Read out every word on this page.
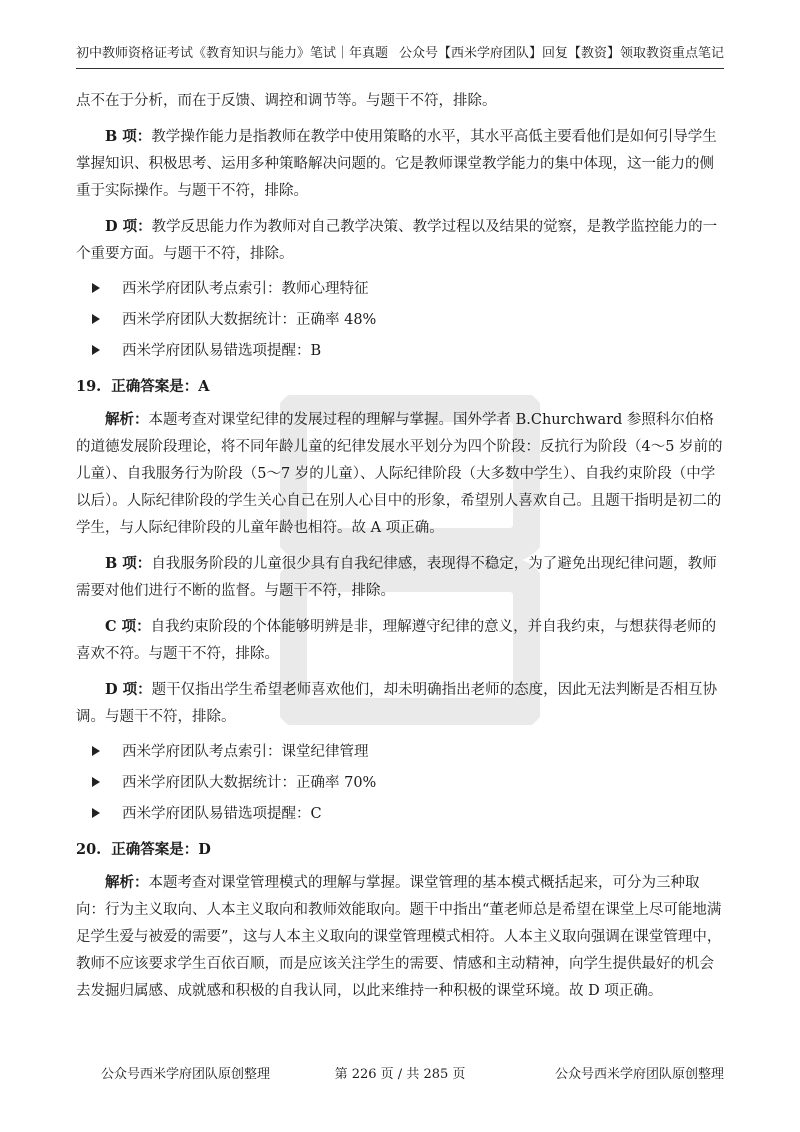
初中教师资格证考试《教育知识与能力》笔试｜年真题 公众号【西米学府团队】回复【教资】领取教资重点笔记

点不在于分析，而在于反馈、调控和调节等。与题干不符，排除。

B 项：教学操作能力是指教师在教学中使用策略的水平，其水平高低主要看他们是如何引导学生掌握知识、积极思考、运用多种策略解决问题的。它是教师课堂教学能力的集中体现，这一能力的侧重于实际操作。与题干不符，排除。

D 项：教学反思能力作为教师对自己教学决策、教学过程以及结果的觉察，是教学监控能力的一个重要方面。与题干不符，排除。

西米学府团队考点索引：教师心理特征
西米学府团队大数据统计：正确率 48%
西米学府团队易错选项提醒：B
19. 正确答案是：A

解析：本题考查对课堂纪律的发展过程的理解与掌握。国外学者 B.Churchward 参照科尔伯格的道德发展阶段理论，将不同年龄儿童的纪律发展水平划分为四个阶段：反抗行为阶段（4～5 岁前的儿童）、自我服务行为阶段（5～7 岁的儿童）、人际纪律阶段（大多数中学生）、自我约束阶段（中学以后）。人际纪律阶段的学生关心自己在别人心目中的形象，希望别人喜欢自己。且题干指明是初二的学生，与人际纪律阶段的儿童年龄也相符。故 A 项正确。

B 项：自我服务阶段的儿童很少具有自我纪律感，表现得不稳定，为了避免出现纪律问题，教师需要对他们进行不断的监督。与题干不符，排除。

C 项：自我约束阶段的个体能够明辨是非，理解遵守纪律的意义，并自我约束，与想获得老师的喜欢不符。与题干不符，排除。

D 项：题干仅指出学生希望老师喜欢他们，却未明确指出老师的态度，因此无法判断是否相互协调。与题干不符，排除。

西米学府团队考点索引：课堂纪律管理
西米学府团队大数据统计：正确率 70%
西米学府团队易错选项提醒：C
20. 正确答案是：D

解析：本题考查对课堂管理模式的理解与掌握。课堂管理的基本模式概括起来，可分为三种取向：行为主义取向、人本主义取向和教师效能取向。题干中指出“董老师总是希望在课堂上尽可能地满足学生爱与被爱的需要”，这与人本主义取向的课堂管理模式相符。人本主义取向强调在课堂管理中，教师不应该要求学生百依百顺，而是应该关注学生的需要、情感和主动精神，向学生提供最好的机会去发掘归属感、成就感和积极的自我认同，以此来维持一种积极的课堂环境。故 D 项正确。

公众号西米学府团队原创整理	第 226 页 / 共 285 页	公众号西米学府团队原创整理
